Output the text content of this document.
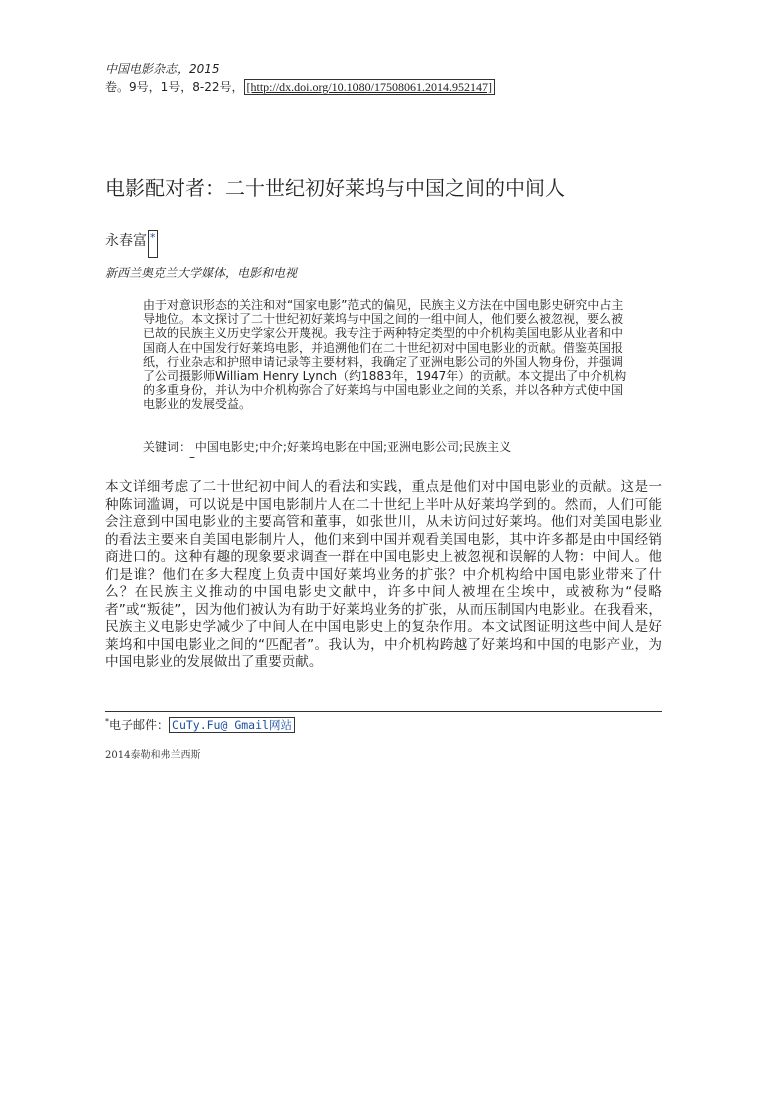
中国电影杂志，2015
卷。9号，1号，8-22号， [http://dx.doi.org/10.1080/17508061.2014.952147]
电影配对者：二十世纪初好莱坞与中国之间的中间人
永春富 *
新西兰奥克兰大学媒体，电影和电视

由于对意识形态的关注和对“国家电影”范式的偏见，民族主义方法在中国电影史研究中占主导地位。本文探讨了二十世纪初好莱坞与中国之间的一组中间人，他们要么被忽视，要么被已故的民族主义历史学家公开蔑视。我专注于两种特定类型的中介机构美国电影从业者和中国商人在中国发行好莱坞电影，并追溯他们在二十世纪初对中国电影业的贡献。借鉴英国报纸，行业杂志和护照申请记录等主要材料，我确定了亚洲电影公司的外国人物身份，并强调了公司摄影师William Henry Lynch（约1883年，1947年）的贡献。本文提出了中介机构的多重身份，并认为中介机构弥合了好莱坞与中国电影业之间的关系，并以各种方式使中国电影业的发展受益。

关键词： 中国电影史;中介;好莱坞电影在中国;亚洲电影公司;民族主义
–

本文详细考虑了二十世纪初中间人的看法和实践，重点是他们对中国电影业的贡献。这是一种陈词滥调，可以说是中国电影制片人在二十世纪上半叶从好莱坞学到的。然而，人们可能会注意到中国电影业的主要高管和董事，如张世川，从未访问过好莱坞。他们对美国电影业的看法主要来自美国电影制片人，他们来到中国并观看美国电影，其中许多都是由中国经销商进口的。这种有趣的现象要求调查一群在中国电影史上被忽视和误解的人物：中间人。他们是谁？他们在多大程度上负责中国好莱坞业务的扩张？中介机构给中国电影业带来了什么？在民族主义推动的中国电影史文献中，许多中间人被埋在尘埃中，或被称为“侵略者”或“叛徒”，因为他们被认为有助于好莱坞业务的扩张，从而压制国内电影业。在我看来，民族主义电影史学减少了中间人在中国电影史上的复杂作用。本文试图证明这些中间人是好莱坞和中国电影业之间的“匹配者”。我认为，中介机构跨越了好莱坞和中国的电影产业，为中国电影业的发展做出了重要贡献。

*电子邮件： CuTy.Fu@ Gmail网站
2014泰勒和弗兰西斯
